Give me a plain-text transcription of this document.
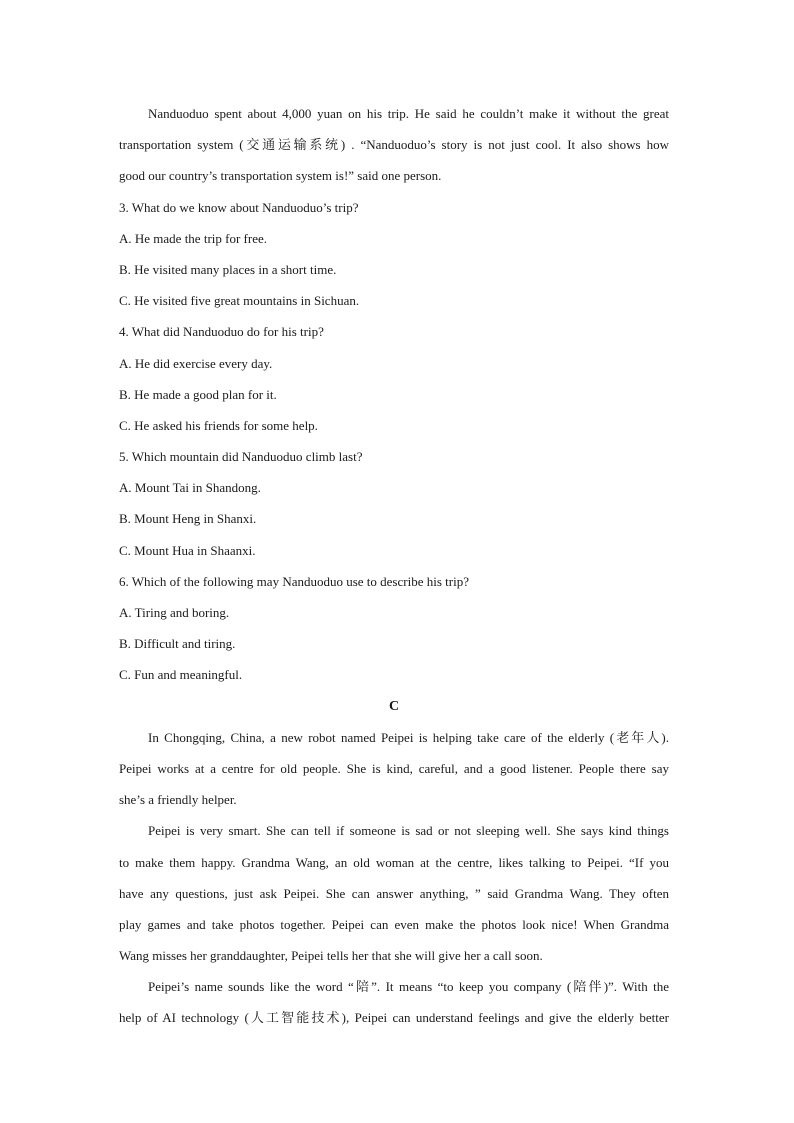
Nanduoduo spent about 4,000 yuan on his trip. He said he couldn’t make it without the great

transportation system (交通运输系统) . “Nanduoduo’s story is not just cool. It also shows how

good our country’s transportation system is!” said one person.

3. What do we know about Nanduoduo’s trip?

A. He made the trip for free.

B. He visited many places in a short time.

C. He visited five great mountains in Sichuan.

4. What did Nanduoduo do for his trip?

A. He did exercise every day.

B. He made a good plan for it.

C. He asked his friends for some help.

5. Which mountain did Nanduoduo climb last?

A. Mount Tai in Shandong.

B. Mount Heng in Shanxi.

C. Mount Hua in Shaanxi.

6. Which of the following may Nanduoduo use to describe his trip?

A. Tiring and boring.

B. Difficult and tiring.

C. Fun and meaningful.

C

In Chongqing, China, a new robot named Peipei is helping take care of the elderly (老年人).

Peipei works at a centre for old people. She is kind, careful, and a good listener. People there say

she’s a friendly helper.

Peipei is very smart. She can tell if someone is sad or not sleeping well. She says kind things

to make them happy. Grandma Wang, an old woman at the centre, likes talking to Peipei. “If you

have any questions, just ask Peipei. She can answer anything, ” said Grandma Wang. They often

play games and take photos together. Peipei can even make the photos look nice! When Grandma

Wang misses her granddaughter, Peipei tells her that she will give her a call soon.

Peipei’s name sounds like the word “陪”. It means “to keep you company (陪伴)”. With the

help of AI technology (人工智能技术), Peipei can understand feelings and give the elderly better
